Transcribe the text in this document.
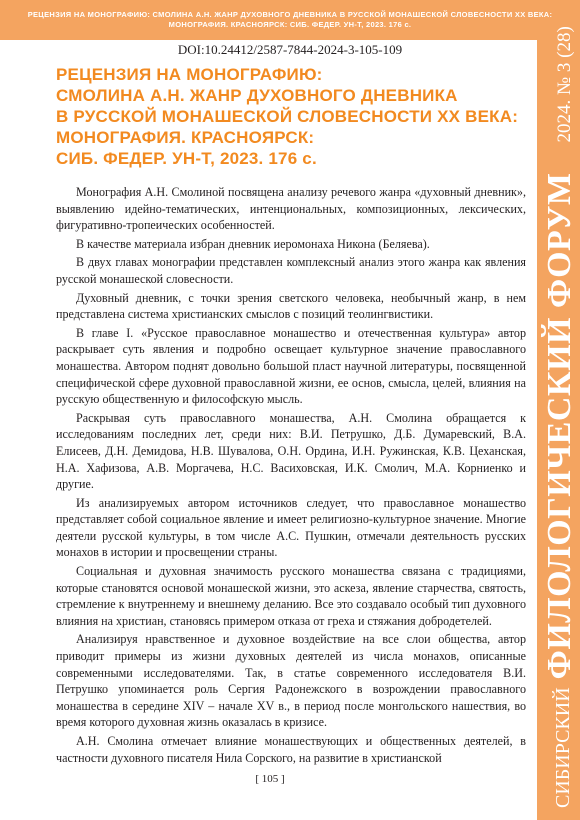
РЕЦЕНЗИЯ НА МОНОГРАФИЮ: СМОЛИНА А.Н. ЖАНР ДУХОВНОГО ДНЕВНИКА В РУССКОЙ МОНАШЕСКОЙ СЛОВЕСНОСТИ XX ВЕКА:
МОНОГРАФИЯ. КРАСНОЯРСК: СИБ. ФЕДЕР. УН-Т, 2023. 176 с.
DOI:10.24412/2587-7844-2024-3-105-109
РЕЦЕНЗИЯ НА МОНОГРАФИЮ:
СМОЛИНА А.Н. ЖАНР ДУХОВНОГО ДНЕВНИКА
В РУССКОЙ МОНАШЕСКОЙ СЛОВЕСНОСТИ XX ВЕКА:
МОНОГРАФИЯ. КРАСНОЯРСК:
СИБ. ФЕДЕР. УН-Т, 2023. 176 с.

Монография А.Н. Смолиной посвящена анализу речевого жанра «духовный дневник», выявлению идейно-тематических, интенциональных, композиционных, лексических, фигуративно-тропеических особенностей.

В качестве материала избран дневник иеромонаха Никона (Беляева).

В двух главах монографии представлен комплексный анализ этого жанра как явления русской монашеской словесности.

Духовный дневник, с точки зрения светского человека, необычный жанр, в нем представлена система христианских смыслов с позиций теолингвистики.

В главе I. «Русское православное монашество и отечественная культура» автор раскрывает суть явления и подробно освещает культурное значение православного монашества. Автором поднят довольно большой пласт научной литературы, посвященной специфической сфере духовной православной жизни, ее основ, смысла, целей, влияния на русскую общественную и философскую мысль.

Раскрывая суть православного монашества, А.Н. Смолина обращается к исследованиям последних лет, среди них: В.И. Петрушко, Д.Б. Думаревский, В.А. Елисеев, Д.Н. Демидова, Н.В. Шувалова, О.Н. Ордина, И.Н. Ружинская, К.В. Цеханская, Н.А. Хафизова, А.В. Моргачева, Н.С. Васиховская, И.К. Смолич, М.А. Корниенко и другие.

Из анализируемых автором источников следует, что православное монашество представляет собой социальное явление и имеет религиозно-культурное значение. Многие деятели русской культуры, в том числе А.С. Пушкин, отмечали деятельность русских монахов в истории и просвещении страны.

Социальная и духовная значимость русского монашества связана с традициями, которые становятся основой монашеской жизни, это аскеза, явление старчества, святость, стремление к внутреннему и внешнему деланию. Все это создавало особый тип духовного влияния на христиан, становясь примером отказа от греха и стяжания добродетелей.

Анализируя нравственное и духовное воздействие на все слои общества, автор приводит примеры из жизни духовных деятелей из числа монахов, описанные современными исследователями. Так, в статье современного исследователя В.И. Петрушко упоминается роль Сергия Радонежского в возрождении православного монашества в середине XIV – начале XV в., в период после монгольского нашествия, во время которого духовная жизнь оказалась в кризисе.

А.Н. Смолина отмечает влияние монашествующих и общественных деятелей, в частности духовного писателя Нила Сорского, на развитие в христианской

[ 105 ]	СИБИРСКИЙ
ФИЛОЛОГИЧЕСКИЙ ФОРУМ
2024. № 3 (28)
